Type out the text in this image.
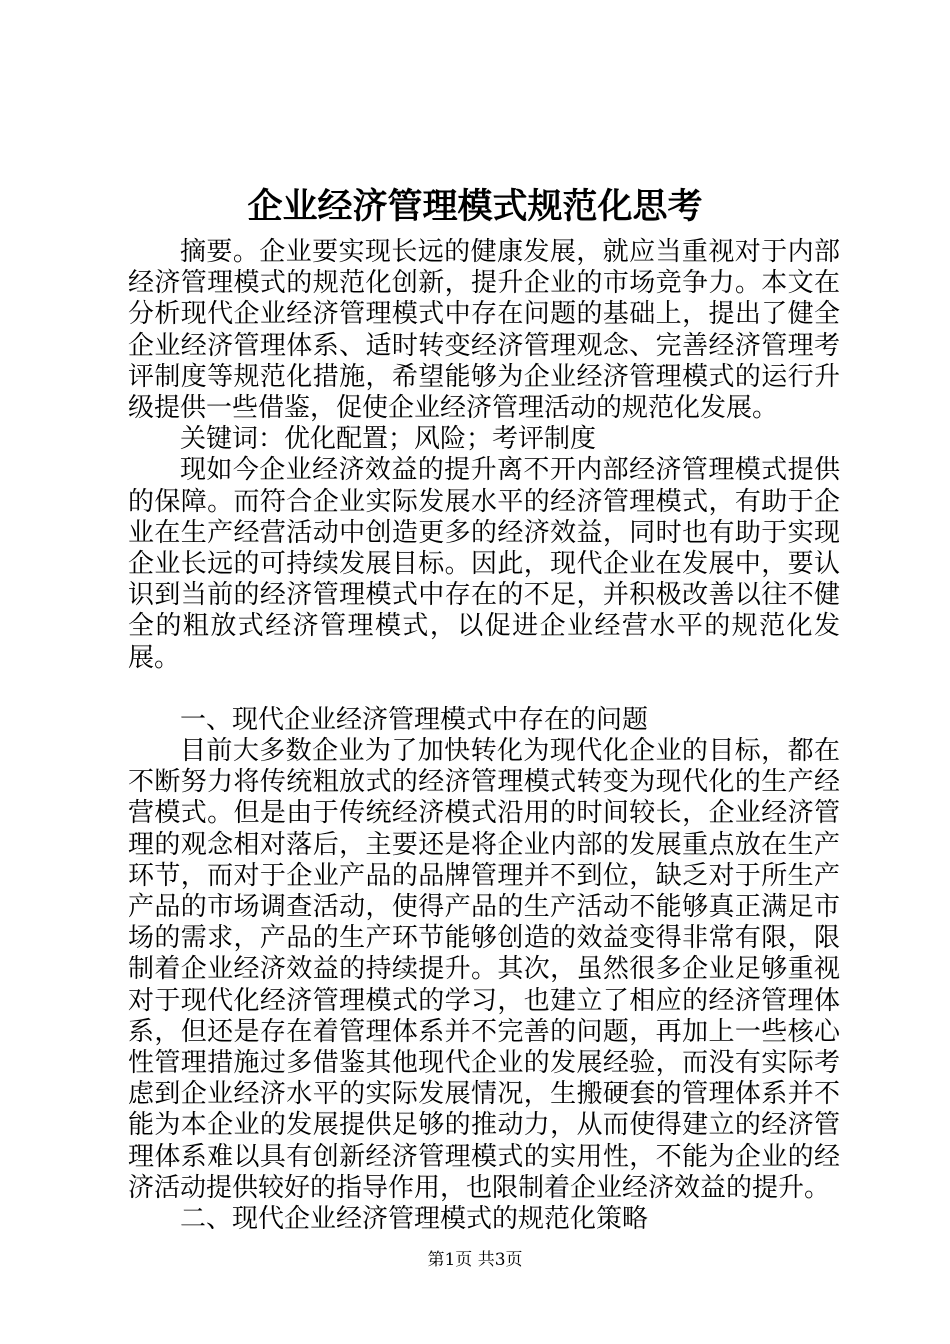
企业经济管理模式规范化思考

摘要。企业要实现长远的健康发展，就应当重视对于内部经济管理模式的规范化创新，提升企业的市场竞争力。本文在分析现代企业经济管理模式中存在问题的基础上，提出了健全企业经济管理体系、适时转变经济管理观念、完善经济管理考评制度等规范化措施，希望能够为企业经济管理模式的运行升级提供一些借鉴，促使企业经济管理活动的规范化发展。

关键词：优化配置；风险；考评制度

现如今企业经济效益的提升离不开内部经济管理模式提供的保障。而符合企业实际发展水平的经济管理模式，有助于企业在生产经营活动中创造更多的经济效益，同时也有助于实现企业长远的可持续发展目标。因此，现代企业在发展中，要认识到当前的经济管理模式中存在的不足，并积极改善以往不健全的粗放式经济管理模式，以促进企业经营水平的规范化发展。

一、现代企业经济管理模式中存在的问题

目前大多数企业为了加快转化为现代化企业的目标，都在不断努力将传统粗放式的经济管理模式转变为现代化的生产经营模式。但是由于传统经济模式沿用的时间较长，企业经济管理的观念相对落后，主要还是将企业内部的发展重点放在生产环节，而对于企业产品的品牌管理并不到位，缺乏对于所生产产品的市场调查活动，使得产品的生产活动不能够真正满足市场的需求，产品的生产环节能够创造的效益变得非常有限，限制着企业经济效益的持续提升。其次，虽然很多企业足够重视对于现代化经济管理模式的学习，也建立了相应的经济管理体系，但还是存在着管理体系并不完善的问题，再加上一些核心性管理措施过多借鉴其他现代企业的发展经验，而没有实际考虑到企业经济水平的实际发展情况，生搬硬套的管理体系并不能为本企业的发展提供足够的推动力，从而使得建立的经济管理体系难以具有创新经济管理模式的实用性，不能为企业的经济活动提供较好的指导作用，也限制着企业经济效益的提升。

二、现代企业经济管理模式的规范化策略

第1页 共3页
